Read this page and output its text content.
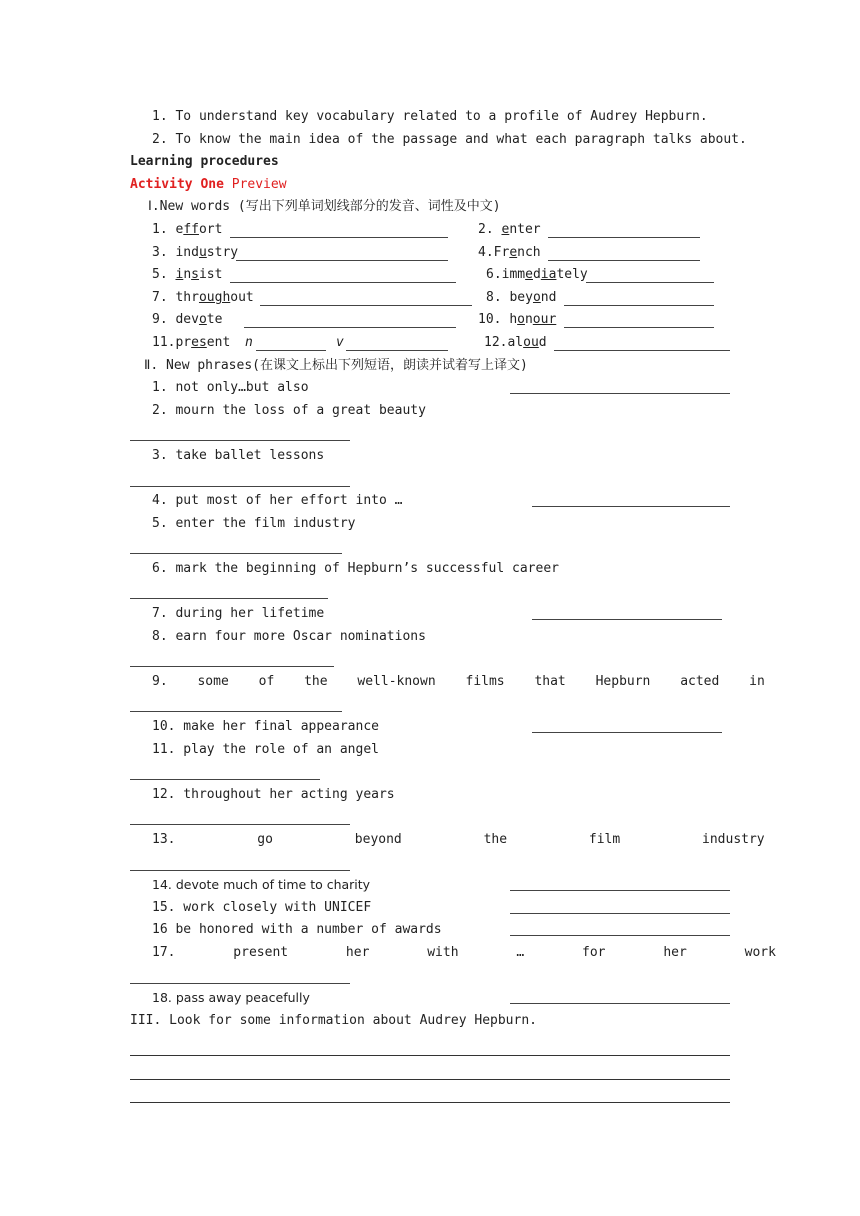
1. To understand key vocabulary related to a profile of Audrey Hepburn.
2. To know the main idea of the passage and what each paragraph talks about.
Learning procedures
Activity One Preview
Ⅰ.New words (写出下列单词划线部分的发音、词性及中文)
1. effort	2. enter
3. industry	4.French
5. insist	6.immediately
7. throughout	8. beyond
9. devote	10. honour
11.present n	v	12.aloud
Ⅱ. New phrases(在课文上标出下列短语，朗读并试着写上译文)
1. not only…but also
2. mourn the loss of a great beauty
3. take ballet lessons
4. put most of her effort into …
5. enter the film industry
6. mark the beginning of Hepburn’s successful career
7. during her lifetime
8. earn four more Oscar nominations
9. some of the well-known films that Hepburn acted in
10. make her final appearance
11. play the role of an angel
12. throughout her acting years
13. go beyond the film industry
14. devote much of time to charity
15. work closely with UNICEF
16 be honored with a number of awards
17. present her with … for her work
18. pass away peacefully
III. Look for some information about Audrey Hepburn.
